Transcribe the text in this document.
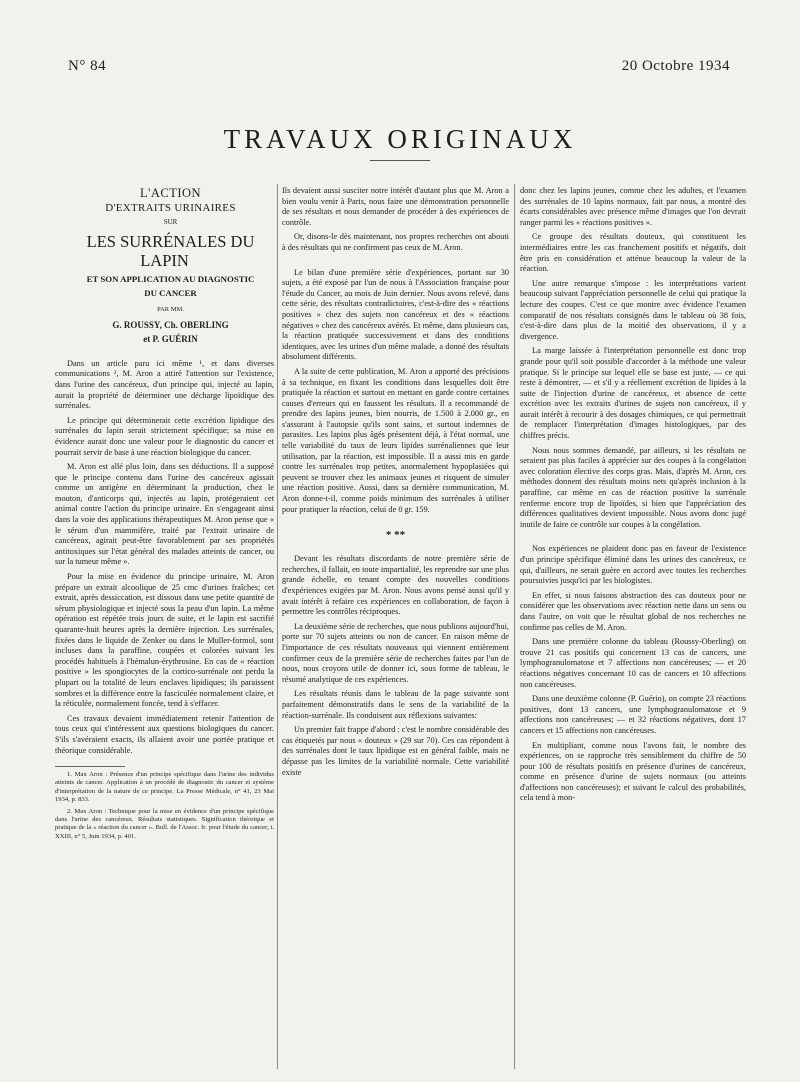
N° 84	20 Octobre 1934
TRAVAUX ORIGINAUX

L'ACTION

D'EXTRAITS URINAIRES

SUR

LES SURRÉNALES DU LAPIN

ET SON APPLICATION AU DIAGNOSTIC

DU CANCER

PAR MM.

G. ROUSSY, Ch. OBERLING

et P. GUÉRIN

Dans un article paru ici même ¹, et dans diverses communications ², M. Aron a attiré l'attention sur l'existence, dans l'urine des cancéreux, d'un principe qui, injecté au lapin, aurait la propriété de déterminer une décharge lipoïdique des surrénales.

Le principe qui déterminerait cette excrétion lipidique des surrénales du lapin serait strictement spécifique; sa mise en évidence aurait donc une valeur pour le diagnostic du cancer et pourrait servir de base à une réaction biologique du cancer.

M. Aron est allé plus loin, dans ses déductions. Il a supposé que le principe contenu dans l'urine des cancéreux agissait comme un antigène en déterminant la production, chez le mouton, d'anticorps qui, injectés au lapin, protégeraient cet animal contre l'action du principe urinaire. En s'engageant ainsi dans la voie des applications thérapeutiques M. Aron pense que « le sérum d'un mammifère, traité par l'extrait urinaire de cancéreux, agirait peut-être favorablement par ses propriétés antitoxiques sur l'état général des malades atteints de cancer, ou sur la tumeur même ».

Pour la mise en évidence du principe urinaire, M. Aron prépare un extrait alcoolique de 25 cmc d'urines fraîches; cet extrait, après dessiccation, est dissous dans une petite quantité de sérum physiologique et injecté sous la peau d'un lapin. La même opération est répétée trois jours de suite, et le lapin est sacrifié quarante-huit heures après la dernière injection. Les surrénales, fixées dans le liquide de Zenker ou dans le Muller-formol, sont incluses dans la paraffine, coupées et colorées suivant les procédés habituels à l'hémalun-érythrosine. En cas de « réaction positive » les spongiocytes de la cortico-surrénale ont perdu la plupart ou la totalité de leurs enclaves lipidiques; ils paraissent sombres et la différence entre la fasciculée normalement claire, et la réticulée, normalement foncée, tend à s'effacer.

Ces travaux devaient immédiatement retenir l'attention de tous ceux qui s'intéressent aux questions biologiques du cancer. S'ils s'avéraient exacts, ils allaient avoir une portée pratique et théorique considérable.

1. Max Aron : Présence d'un principe spécifique dans l'urine des individus atteints de cancer. Application à un procédé de diagnostic du cancer et système d'interprétation de la nature de ce principe. La Presse Médicale, n° 41, 23 Mai 1934, p. 833.

2. Max Aron : Technique pour la mise en évidence d'un principe spécifique dans l'urine des cancéreux. Résultats statistiques. Signification théorique et pratique de la « réaction du cancer ». Bull. de l'Assoc. fr. pour l'étude du cancer, t. XXIII, n° 5, Juin 1934, p. 401.

Ils devaient aussi susciter notre intérêt d'autant plus que M. Aron a bien voulu venir à Paris, nous faire une démonstration personnelle de ses résultats et nous demander de procéder à des expériences de contrôle.

Or, disons-le dès maintenant, nos propres recherches ont abouti à des résultats qui ne confirment pas ceux de M. Aron.

Le bilan d'une première série d'expériences, portant sur 30 sujets, a été exposé par l'un de nous à l'Association française pour l'étude du Cancer, au mois de Juin dernier. Nous avons relevé, dans cette série, des résultats contradictoires, c'est-à-dire des « réactions positives » chez des sujets non cancéreux et des « réactions négatives » chez des cancéreux avérés. Et même, dans plusieurs cas, la réaction pratiquée successivement et dans des conditions identiques, avec les urines d'un même malade, a donné des résultats absolument différents.

A la suite de cette publication, M. Aron a apporté des précisions à sa technique, en fixant les conditions dans lesquelles doit être pratiquée la réaction et surtout en mettant en garde contre certaines causes d'erreurs qui en faussent les résultats. Il a recommandé de prendre des lapins jeunes, bien nourris, de 1.500 à 2.000 gr., en s'assurant à l'autopsie qu'ils sont sains, et surtout indemnes de parasites. Les lapins plus âgés présentent déjà, à l'état normal, une telle variabilité du taux de leurs lipides surrénaliennes que leur utilisation, par la réaction, est impossible. Il a aussi mis en garde contre les surrénales trop petites, anormalement hypoplasiées qui peuvent se trouver chez les animaux jeunes et risquent de simuler une réaction positive. Aussi, dans sa dernière communication, M. Aron donne-t-il, comme poids minimum des surrénales à utiliser pour pratiquer la réaction, celui de 0 gr. 159.

* **

Devant les résultats discordants de notre première série de recherches, il fallait, en toute impartialité, les reprendre sur une plus grande échelle, en tenant compte des nouvelles conditions d'expériences exigées par M. Aron. Nous avons pensé aussi qu'il y avait intérêt à refaire ces expériences en collaboration, de façon à permettre les contrôles réciproques.

La deuxième série de recherches, que nous publions aujourd'hui, porte sur 70 sujets atteints ou non de cancer. En raison même de l'importance de ces résultats nouveaux qui viennent entièrement confirmer ceux de la première série de recherches faites par l'un de nous, nous croyons utile de donner ici, sous forme de tableau, le résumé analytique de ces expériences.

Les résultats réunis dans le tableau de la page suivante sont parfaitement démonstratifs dans le sens de la variabilité de la réaction-surrénale. Ils conduisent aux réflexions suivantes:

Un premier fait frappe d'abord : c'est le nombre considérable des cas étiquetés par nous « douteux » (29 sur 70). Ces cas répondent à des surrénales dont le taux lipidique est en général faible, mais ne dépasse pas les limites de la variabilité normale. Cette variabilité existe

donc chez les lapins jeunes, comme chez les adultes, et l'examen des surrénales de 10 lapins normaux, fait par nous, a montré des écarts considérables avec présence même d'images que l'on devrait ranger parmi les « réactions positives ».

Ce groupe des résultats douteux, qui constituent les intermédiaires entre les cas franchement positifs et négatifs, doit être pris en considération et atténue beaucoup la valeur de la réaction.

Une autre remarque s'impose : les interprétations varient beaucoup suivant l'appréciation personnelle de celui qui pratique la lecture des coupes. C'est ce que montre avec évidence l'examen comparatif de nos résultats consignés dans le tableau où 38 fois, c'est-à-dire dans plus de la moitié des observations, il y a divergence.

La marge laissée à l'interprétation personnelle est donc trop grande pour qu'il soit possible d'accorder à la méthode une valeur pratique. Si le principe sur lequel elle se base est juste, — ce qui reste à démontrer, — et s'il y a réellement excrétion de lipides à la suite de l'injection d'urine de cancéreux, et absence de cette excrétion avec les extraits d'urines de sujets non cancéreux, il y aurait intérêt à recourir à des dosages chimiques, ce qui permettrait de remplacer l'interprétation d'images histologiques, par des chiffres précis.

Nous nous sommes demandé, par ailleurs, si les résultats ne seraient pas plus faciles à apprécier sur des coupes à la congélation avec coloration élective des corps gras. Mais, d'après M. Aron, ces méthodes donnent des résultats moins nets qu'après inclusion à la paraffine, car même en cas de réaction positive la surrénale renferme encore trop de lipoïdes, si bien que l'appréciation des différences qualitatives devient impossible. Nous avons donc jugé inutile de faire ce contrôle sur coupes à la congélation.

Nos expériences ne plaident donc pas en faveur de l'existence d'un principe spécifique éliminé dans les urines des cancéreux, ce qui, d'ailleurs, ne serait guère en accord avec toutes les recherches poursuivies jusqu'ici par les biologistes.

En effet, si nous faisons abstraction des cas douteux pour ne considérer que les observations avec réaction nette dans un sens ou dans l'autre, on voit que le résultat global de nos recherches ne confirme pas celles de M. Aron.

Dans une première colonne du tableau (Roussy-Oberling) on trouve 21 cas positifs qui concernent 13 cas de cancers, une lymphogranulomatose et 7 affections non cancéreuses; — et 20 réactions négatives concernant 10 cas de cancers et 10 affections non cancéreuses.

Dans une deuxième colonne (P. Guérin), on compte 23 réactions positives, dont 13 cancers, une lymphogranulomatose et 9 affections non cancéreuses; — et 32 réactions négatives, dont 17 cancers et 15 affections non cancéreuses.

En multipliant, comme nous l'avons fait, le nombre des expériences, on se rapproche très sensiblement du chiffre de 50 pour 100 de résultats positifs en présence d'urines de cancéreux, comme en présence d'urine de sujets normaux (ou atteints d'affections non cancéreuses); et suivant le calcul des probabilités, cela tend à mon-
